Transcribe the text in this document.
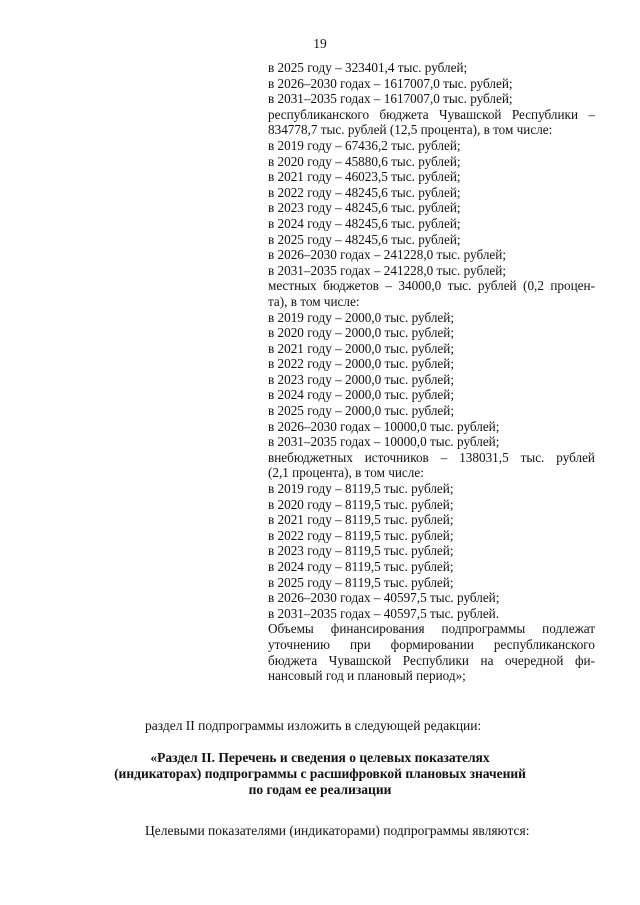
19
в 2025 году – 323401,4 тыс. рублей;
в 2026–2030 годах – 1617007,0 тыс. рублей;
в 2031–2035 годах – 1617007,0 тыс. рублей;
республиканского бюджета Чувашской Республики –
834778,7 тыс. рублей (12,5 процента), в том числе:
в 2019 году – 67436,2 тыс. рублей;
в 2020 году – 45880,6 тыс. рублей;
в 2021 году – 46023,5 тыс. рублей;
в 2022 году – 48245,6 тыс. рублей;
в 2023 году – 48245,6 тыс. рублей;
в 2024 году – 48245,6 тыс. рублей;
в 2025 году – 48245,6 тыс. рублей;
в 2026–2030 годах – 241228,0 тыс. рублей;
в 2031–2035 годах – 241228,0 тыс. рублей;
местных бюджетов – 34000,0 тыс. рублей (0,2 процен-
та), в том числе:
в 2019 году – 2000,0 тыс. рублей;
в 2020 году – 2000,0 тыс. рублей;
в 2021 году – 2000,0 тыс. рублей;
в 2022 году – 2000,0 тыс. рублей;
в 2023 году – 2000,0 тыс. рублей;
в 2024 году – 2000,0 тыс. рублей;
в 2025 году – 2000,0 тыс. рублей;
в 2026–2030 годах – 10000,0 тыс. рублей;
в 2031–2035 годах – 10000,0 тыс. рублей;
внебюджетных источников – 138031,5 тыс. рублей
(2,1 процента), в том числе:
в 2019 году – 8119,5 тыс. рублей;
в 2020 году – 8119,5 тыс. рублей;
в 2021 году – 8119,5 тыс. рублей;
в 2022 году – 8119,5 тыс. рублей;
в 2023 году – 8119,5 тыс. рублей;
в 2024 году – 8119,5 тыс. рублей;
в 2025 году – 8119,5 тыс. рублей;
в 2026–2030 годах – 40597,5 тыс. рублей;
в 2031–2035 годах – 40597,5 тыс. рублей.
Объемы финансирования подпрограммы подлежат
уточнению при формировании республиканского
бюджета Чувашской Республики на очередной фи-
нансовый год и плановый период»;
раздел II подпрограммы изложить в следующей редакции:
«Раздел II. Перечень и сведения о целевых показателях
(индикаторах) подпрограммы с расшифровкой плановых значений
по годам ее реализации
Целевыми показателями (индикаторами) подпрограммы являются:
